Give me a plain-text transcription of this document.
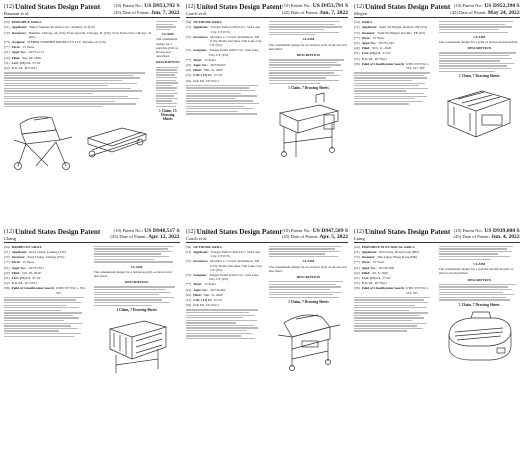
$^{(12)}$United States Design Patent
Bauman et al.
(10) Patent No.: US D953,792 S
(45) Date of Patent: Jun. 7, 2022
(54) PORTABLE GRILL
(71) Applicant: Weber-Stephen Products LLC, Palatine, IL (US)
(72) Inventors: Bauman, Chicago, IL (US); Evan Apostle, Chicago, IL (US); Scott Ferkovich, Chicago, IL (US)
(73) Assignee: WEBER-STEPHEN PRODUCTS LLC, Palatine, IL (US)
(**) Term: 15 Years
(21) Appl. No.: 29/751,113
(22) Filed: Sep. 29, 2020
(51) LOC (13) Cl. 07-02
(52) U.S. Cl. D7/332.1
CLAIM
The ornamental design for a portable grill, as shown and described.
DESCRIPTION
1 Claim, 13 Drawing Sheets
$^{(12)}$United States Design Patent
Couch et al.
(10) Patent No.: US D953,791 S
(45) Date of Patent: Jun. 7, 2022
(54) OUTDOOR GRILL
(71) Applicant: Traeger Pellet Grills LLC, Salt Lake City, UT (US)
(72) Inventors: Matthew C. Couch, Kalamazoo, MI (US); Devin Servaites, Salt Lake City, UT (US)
(73) Assignee: Traeger Pellet Grills LLC, Salt Lake City, UT (US)
(**) Term: 15 Years
(21) Appl. No.: 29/750,035
(22) Filed: Mar. 31, 2020
(51) LOC (13) Cl. 07-02
(52) U.S. Cl. D7/332.1
CLAIM
The ornamental design for an outdoor grill, as shown and described.
DESCRIPTION
1 Claim, 7 Drawing Sheets
$^{(12)}$United States Design Patent
Mogen
(10) Patent No.: US D952,390 S
(45) Date of Patent: May 24, 2022
(54) GRILL
(71) Applicant: Sami Yet Blagin, Ravinlo, FR (US)
(72) Inventor: Sami Yet Blagin, Ravinlo, FR (US)
(**) Term: 15 Years
(21) Appl. No.: 29/761,325
(22) Filed: Nov. 11, 2020
(51) LOC (13) Cl. 07-02
(52) U.S. Cl. D7/332.1
(58) Field of Classification Search USPC D7/332.1, 334, 337, 360
CLAIM
The ornamental design for a grill, as shown and described.
DESCRIPTION
1 Claim, 7 Drawing Sheets
$^{(12)}$United States Design Patent
Chang
(10) Patent No.: US D948,517 S
(45) Date of Patent: Apr. 12, 2022
(54) BARBECUE GRILL
(71) Applicant: Kiwi Chang, Luhang (TW)
(72) Inventor: Kiwi Chang, Luhang (TW)
(**) Term: 15 Years
(21) Appl. No.: 29/755,871
(22) Filed: Oct. 20, 2020
(51) LOC (13) Cl. 07-02
(52) U.S. Cl. D7/332.1
(58) Field of Classification Search USPC D7/332.1, 334, 337
CLAIM
The ornamental design for a barbecue grill, as shown and described.
DESCRIPTION
1 Claim, 7 Drawing Sheets
$^{(12)}$United States Design Patent
Couch et al.
(10) Patent No.: US D947,589 S
(45) Date of Patent: Apr. 5, 2022
(54) OUTDOOR GRILL
(71) Applicant: Traeger Pellet Grills LLC, Salt Lake City, UT (US)
(72) Inventors: Matthew C. Couch, Kalamazoo, MI (US); Devin Servaites, Salt Lake City, UT (US)
(73) Assignee: Traeger Pellet Grills LLC, Salt Lake City, UT (US)
(**) Term: 15 Years
(21) Appl. No.: 29/729,262
(22) Filed: Mar. 31, 2020
(51) LOC (13) Cl. 07-02
(52) U.S. Cl. D7/332.1
CLAIM
The ornamental design for an outdoor grill, as shown and described.
DESCRIPTION
1 Claim, 7 Drawing Sheets
$^{(12)}$United States Design Patent
Liang
(10) Patent No.: US D939,000 S
(45) Date of Patent: Jun. 4, 2022
(54) PORTABLE ELECTRICAL GRILL
(71) Applicant: Zhu Liang, Hong Kong (HK)
(72) Inventor: Zhu Liang, Hong Kong (HK)
(**) Term: 15 Years
(21) Appl. No.: 29/745,509
(22) Filed: Jul. 8, 2020
(51) LOC (13) Cl. 07-02
(52) U.S. Cl. D7/332.1
(58) Field of Classification Search USPC D7/332.1, 334, 335
CLAIM
The ornamental design for a portable electrical grill, as shown and described.
DESCRIPTION
1 Claim, 7 Drawing Sheets
